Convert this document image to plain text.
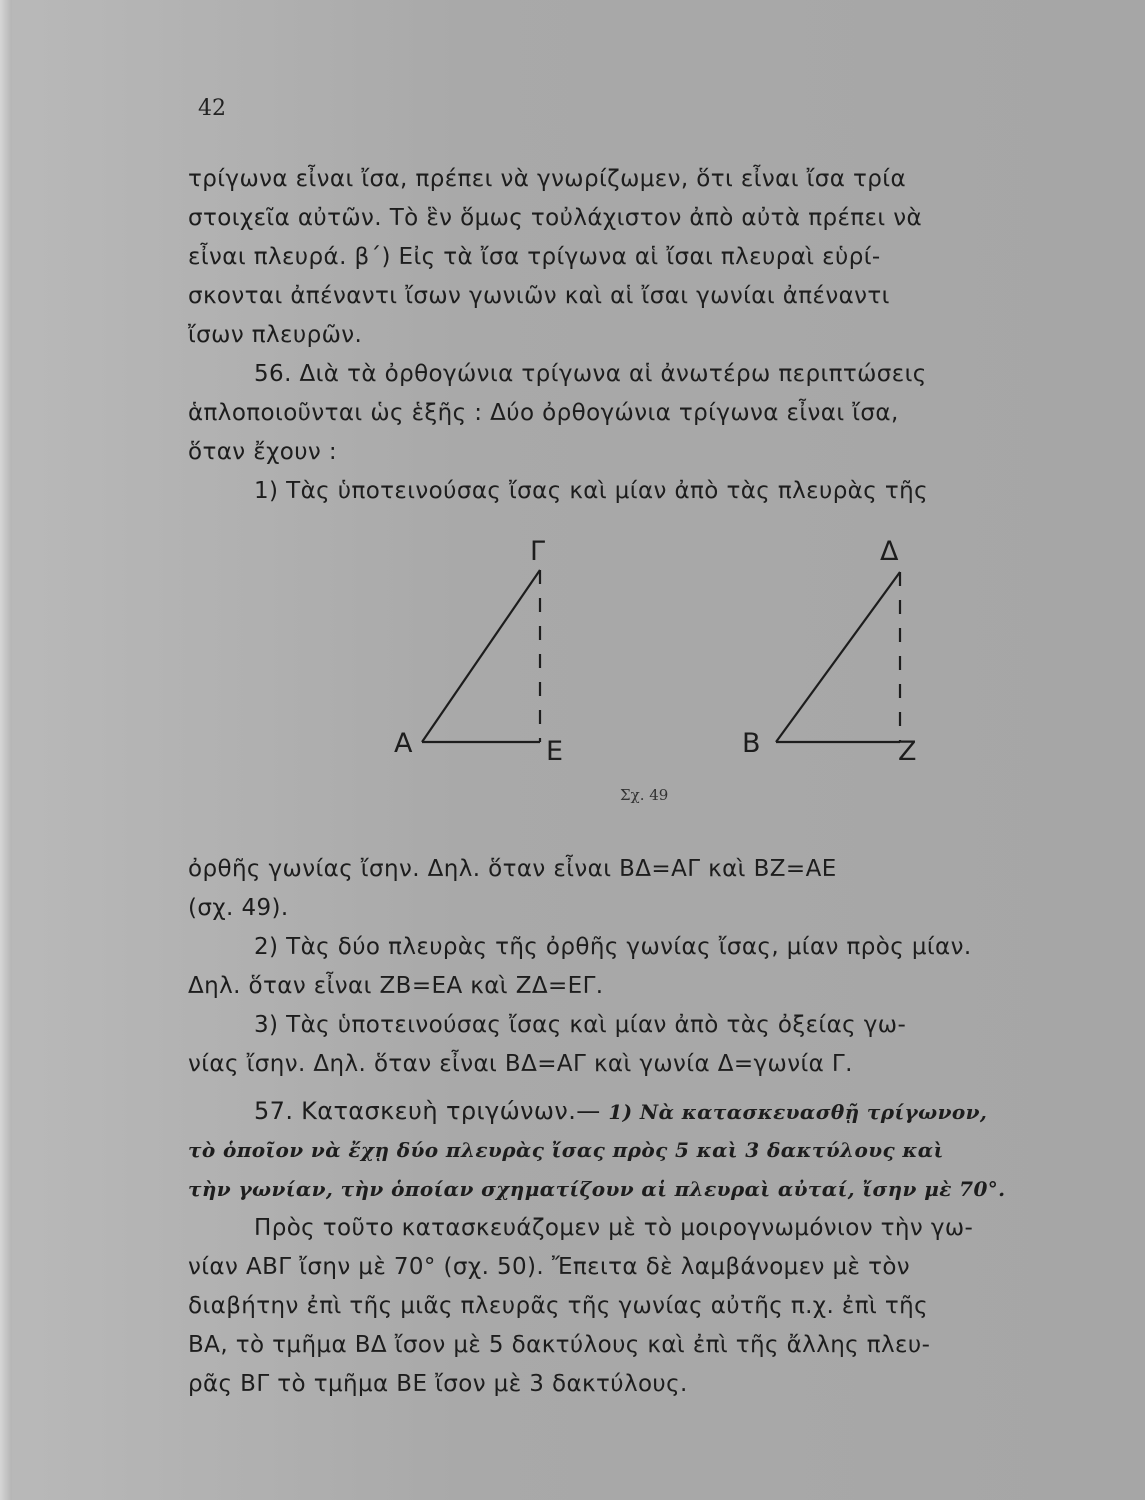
42
τρίγωνα εἶναι ἴσα, πρέπει νὰ γνωρίζωμεν, ὅτι εἶναι ἴσα τρία
στοιχεῖα αὐτῶν. Τὸ ἓν ὅμως τοὐλάχιστον ἀπὸ αὐτὰ πρέπει νὰ
εἶναι πλευρά. β΄) Εἰς τὰ ἴσα τρίγωνα αἱ ἴσαι πλευραὶ εὑρί-
σκονται ἀπέναντι ἴσων γωνιῶν καὶ αἱ ἴσαι γωνίαι ἀπέναντι
ἴσων πλευρῶν.
56. Διὰ τὰ ὀρθογώνια τρίγωνα αἱ ἀνωτέρω περιπτώσεις
ἁπλοποιοῦνται ὡς ἑξῆς : Δύο ὀρθογώνια τρίγωνα εἶναι ἴσα,
ὅταν ἔχουν :
1) Τὰς ὑποτεινούσας ἴσας καὶ μίαν ἀπὸ τὰς πλευρὰς τῆς
Γ
Α	Ε
Δ
Β	Ζ
Σχ. 49
ὀρθῆς γωνίας ἴσην. Δηλ. ὅταν εἶναι ΒΔ=ΑΓ καὶ ΒΖ=ΑΕ
(σχ. 49).
2) Τὰς δύο πλευρὰς τῆς ὀρθῆς γωνίας ἴσας, μίαν πρὸς μίαν.
Δηλ. ὅταν εἶναι ΖΒ=ΕΑ καὶ ΖΔ=ΕΓ.
3) Τὰς ὑποτεινούσας ἴσας καὶ μίαν ἀπὸ τὰς ὀξείας γω-
νίας ἴσην. Δηλ. ὅταν εἶναι ΒΔ=ΑΓ καὶ γωνία Δ=γωνία Γ.
57. Κατασκευὴ τριγώνων.— 1) Νὰ κατασκευασθῇ τρίγωνον,
τὸ ὁποῖον νὰ ἔχῃ δύο πλευρὰς ἴσας πρὸς 5 καὶ 3 δακτύλους καὶ
τὴν γωνίαν, τὴν ὁποίαν σχηματίζουν αἱ πλευραὶ αὐταί, ἴσην μὲ 70°.
Πρὸς τοῦτο κατασκευάζομεν μὲ τὸ μοιρογνωμόνιον τὴν γω-
νίαν ΑΒΓ ἴσην μὲ 70° (σχ. 50). Ἔπειτα δὲ λαμβάνομεν μὲ τὸν
διαβήτην ἐπὶ τῆς μιᾶς πλευρᾶς τῆς γωνίας αὐτῆς π.χ. ἐπὶ τῆς
ΒΑ, τὸ τμῆμα ΒΔ ἴσον μὲ 5 δακτύλους καὶ ἐπὶ τῆς ἄλλης πλευ-
ρᾶς ΒΓ τὸ τμῆμα ΒΕ ἴσον μὲ 3 δακτύλους.
